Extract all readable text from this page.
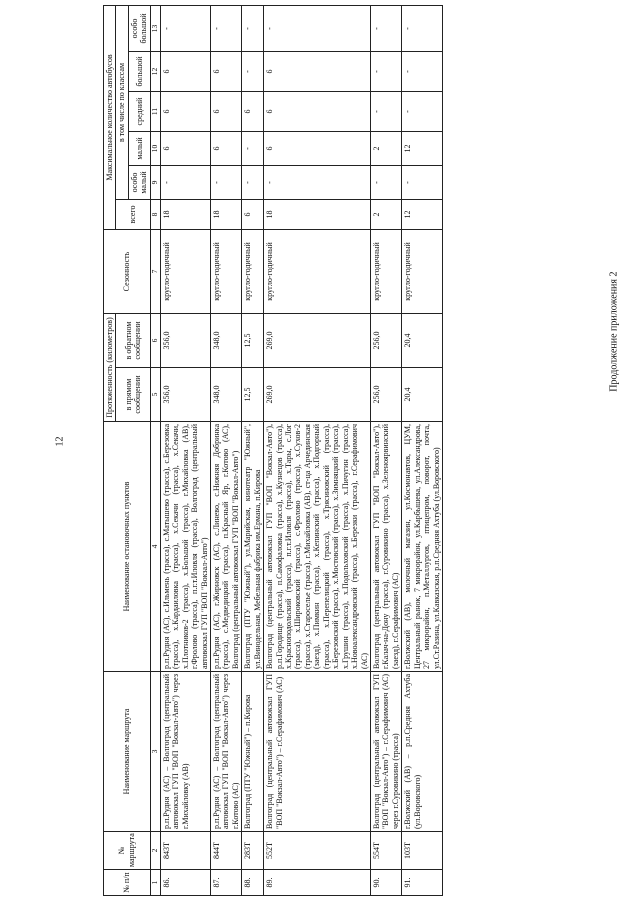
12
Продолжение приложения 2
№ п/п	№ маршрута	Наименование маршрута	Наименование остановочных пунктов	Протяженность (километров)		Сезонность	Максимальное количество автобусов					
				в прямом сообщении	в обратном сообщении		всего	в том числе по классам				
								особо малый	малый	средний	большой	особо большой
1	2	3	4	5	6	7	8	9	10	11	12	13
86.	843Т	р.п.Рудня (АС) – Волгоград (центральный автовокзал ГУП "ВОП "Вокзал-Авто") через г.Михайловку (АВ)	р.п.Рудня (АС), с.Ильмень (трасса), с.Матышево (трасса), с.Березовка (трасса), х.Кардаиловка (трасса), х.Секачи (трасса), х.Секачи, х.Плотников-2 (трасса), х.Большой (трасса), г.Михайловка (АВ), г.Фролово (трасса), п.г.т.Иловля (трасса), Волгоград (центральный автовокзал ГУП "ВОП "Вокзал-Авто")	356,0	356,0	кругло-годичный	18	-	6	6	6	-
87.	844Т	р.п.Рудня (АС) – Волгоград (центральный автовокзал ГУП "ВОП "Вокзал-Авто") через г.Котово (АС)	р.п.Рудня (АС), г.Жирновск (АС), с.Линево, с.Нижняя Добринка (трасса), с.Медведицкий (трасса), п.Красный Яр, г.Котово (АС), Волгоград (центральный автовокзал ГУП "ВОП "Вокзал-Авто")	348,0	348,0	кругло-годичный	18	-	6	6	6	-
88.	283Т	Волгоград (ПТУ "Южный") – п.Кирова	Волгоград (ПТУ "Южный"), ул.Марийская, кинотеатр "Южный", ул.Винодельная, Мебельная фабрика им.Ермана, п.Кирова	12,5	12,5	кругло-годичный	6	-	-	6	-	-
89.	552Т	Волгоград (центральный автовокзал ГУП "ВОП "Вокзал-Авто") – г.Серафимович (АС)	Волгоград (центральный автовокзал ГУП "ВОП "Вокзал-Авто"), р.п.Городище (трасса), п.Самофаловка (трасса), х.Кузнецов (трасса), х.Красноподольский (трасса), п.г.т.Иловля (трасса), х.Тары, с.Лог (трасса), х.Широковский (трасса), с.Фролово (трасса), х.Сухов-2 (трасса), х.Староселье (трасса), г.Михайловка (АВ), ст-ца Арчединская (заезд), х.Пимкин (трасса), х.Кепинский (трасса), х.Подгорный (трасса), х.Перепелицкий (трасса), х.Трясиновский (трасса), х.Березовский (трасса), х.Мостовский (трасса), х.Зимняцкий (трасса), х.Грушин (трасса), х.Подольховский (трасса), х.Пичугин (трасса), х.Новоалександровский (трасса), х.Березки (трасса), г.Серафимович (АС)	269,0	269,0	кругло-годичный	18	-	6	6	6	-
90.	554Т	Волгоград (центральный автовокзал ГУП "ВОП "Вокзал-Авто") – г.Серафимович (АС) через г.Суровикино (трасса)	Волгоград (центральный автовокзал ГУП "ВОП "Вокзал-Авто"), г.Калач-на-Дону (трасса), г.Суровикино (трасса), х.Зеленоярвинский (заезд), г.Серафимович (АС)	256,0	256,0	кругло-годичный	2	-	2	-	-	-
91.	103Т	г.Волжский (АВ) – р.п.Средняя Ахтуба (ул.Воровского)	г.Волжский (АВ), молочный магазин, ул.Космонавтов, ЦУМ, Центральный рынок, 7 микрорайон, ул.Карбышева, ул.Александрова, 27 микрорайон, п.Металлургов, птицепром, поворот, почта, ул.Ст.Разина, ул.Кавказская, р.п.Средняя Ахтуба (ул.Воровского)	20,4	20,4	кругло-годичный	12	-	12	-	-	-
